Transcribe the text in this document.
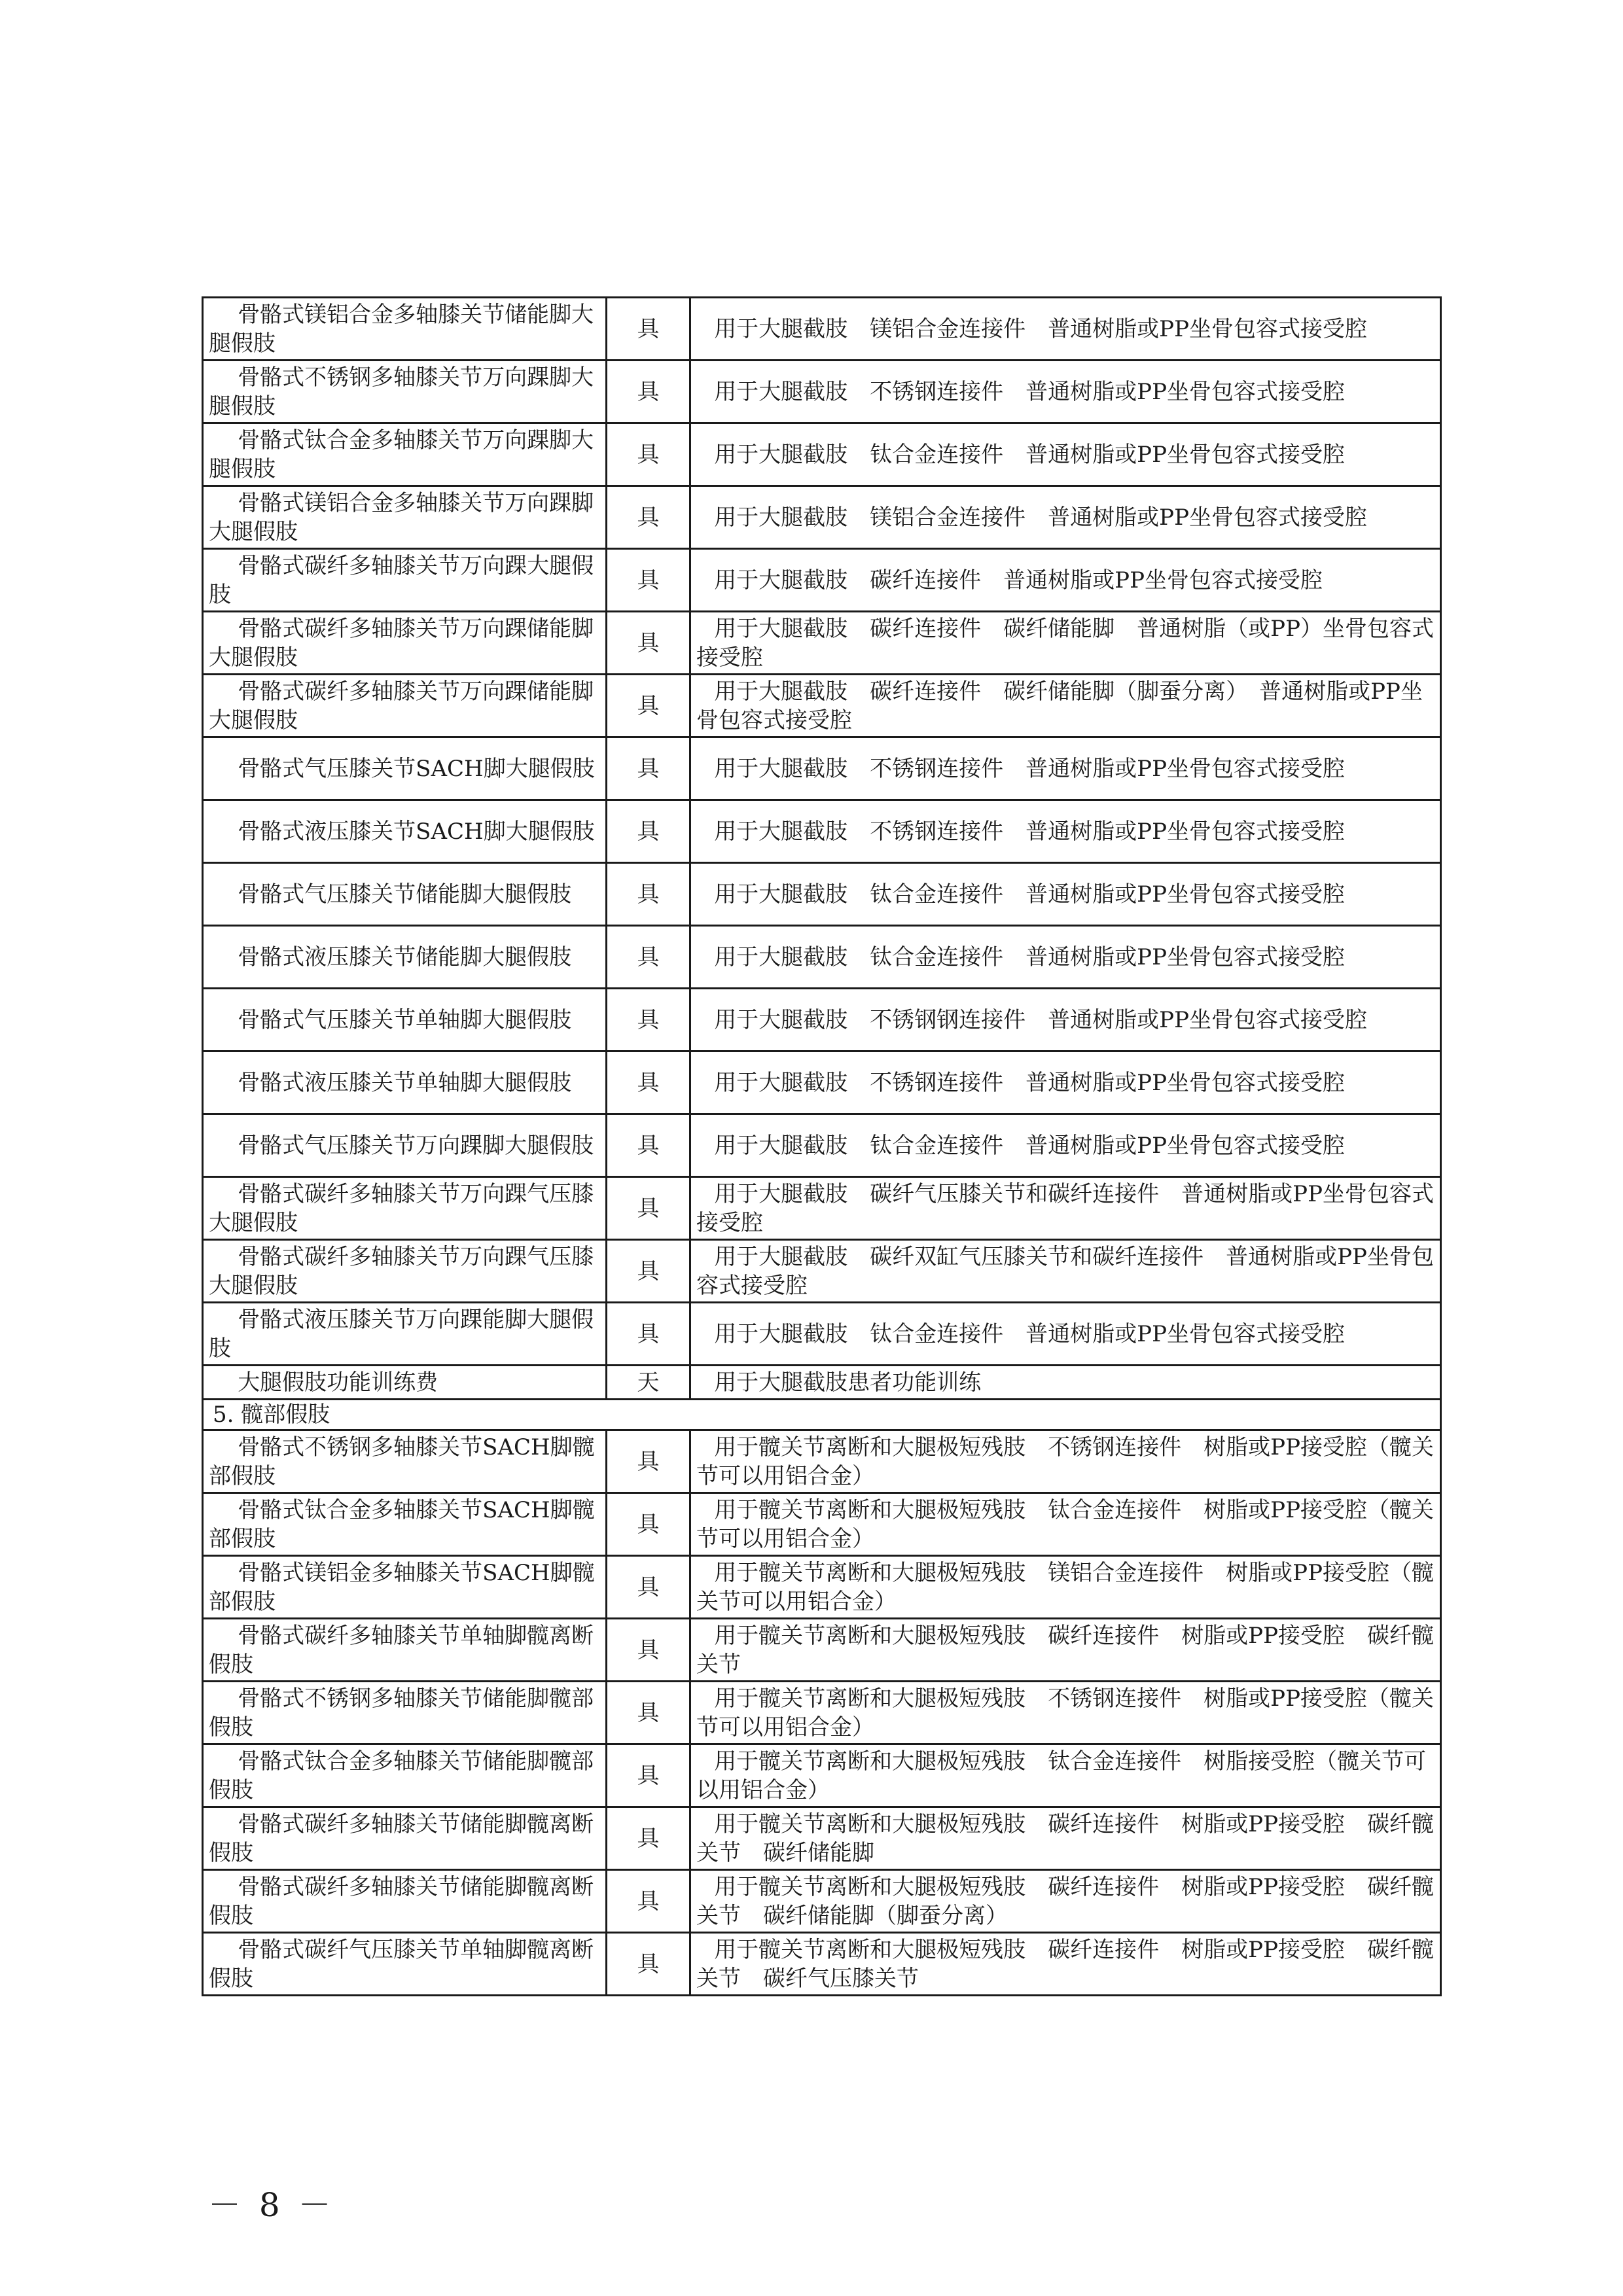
骨骼式镁铝合金多轴膝关节储能脚大腿假肢	具	用于大腿截肢　镁铝合金连接件　普通树脂或PP坐骨包容式接受腔
骨骼式不锈钢多轴膝关节万向踝脚大腿假肢	具	用于大腿截肢　不锈钢连接件　普通树脂或PP坐骨包容式接受腔
骨骼式钛合金多轴膝关节万向踝脚大腿假肢	具	用于大腿截肢　钛合金连接件　普通树脂或PP坐骨包容式接受腔
骨骼式镁铝合金多轴膝关节万向踝脚大腿假肢	具	用于大腿截肢　镁铝合金连接件　普通树脂或PP坐骨包容式接受腔
骨骼式碳纤多轴膝关节万向踝大腿假肢	具	用于大腿截肢　碳纤连接件　普通树脂或PP坐骨包容式接受腔
骨骼式碳纤多轴膝关节万向踝储能脚大腿假肢	具	用于大腿截肢　碳纤连接件　碳纤储能脚　普通树脂（或PP）坐骨包容式接受腔
骨骼式碳纤多轴膝关节万向踝储能脚大腿假肢	具	用于大腿截肢　碳纤连接件　碳纤储能脚（脚蚕分离）　普通树脂或PP坐骨包容式接受腔
骨骼式气压膝关节SACH脚大腿假肢	具	用于大腿截肢　不锈钢连接件　普通树脂或PP坐骨包容式接受腔
骨骼式液压膝关节SACH脚大腿假肢	具	用于大腿截肢　不锈钢连接件　普通树脂或PP坐骨包容式接受腔
骨骼式气压膝关节储能脚大腿假肢	具	用于大腿截肢　钛合金连接件　普通树脂或PP坐骨包容式接受腔
骨骼式液压膝关节储能脚大腿假肢	具	用于大腿截肢　钛合金连接件　普通树脂或PP坐骨包容式接受腔
骨骼式气压膝关节单轴脚大腿假肢	具	用于大腿截肢　不锈钢钢连接件　普通树脂或PP坐骨包容式接受腔
骨骼式液压膝关节单轴脚大腿假肢	具	用于大腿截肢　不锈钢连接件　普通树脂或PP坐骨包容式接受腔
骨骼式气压膝关节万向踝脚大腿假肢	具	用于大腿截肢　钛合金连接件　普通树脂或PP坐骨包容式接受腔
骨骼式碳纤多轴膝关节万向踝气压膝大腿假肢	具	用于大腿截肢　碳纤气压膝关节和碳纤连接件　普通树脂或PP坐骨包容式接受腔
骨骼式碳纤多轴膝关节万向踝气压膝大腿假肢	具	用于大腿截肢　碳纤双缸气压膝关节和碳纤连接件　普通树脂或PP坐骨包容式接受腔
骨骼式液压膝关节万向踝能脚大腿假肢	具	用于大腿截肢　钛合金连接件　普通树脂或PP坐骨包容式接受腔
大腿假肢功能训练费	天	用于大腿截肢患者功能训练
5. 髋部假肢		
骨骼式不锈钢多轴膝关节SACH脚髋部假肢	具	用于髋关节离断和大腿极短残肢　不锈钢连接件　树脂或PP接受腔（髋关节可以用铝合金）
骨骼式钛合金多轴膝关节SACH脚髋部假肢	具	用于髋关节离断和大腿极短残肢　钛合金连接件　树脂或PP接受腔（髋关节可以用铝合金）
骨骼式镁铝金多轴膝关节SACH脚髋部假肢	具	用于髋关节离断和大腿极短残肢　镁铝合金连接件　树脂或PP接受腔（髋关节可以用铝合金）
骨骼式碳纤多轴膝关节单轴脚髋离断假肢	具	用于髋关节离断和大腿极短残肢　碳纤连接件　树脂或PP接受腔　碳纤髋关节
骨骼式不锈钢多轴膝关节储能脚髋部假肢	具	用于髋关节离断和大腿极短残肢　不锈钢连接件　树脂或PP接受腔（髋关节可以用铝合金）
骨骼式钛合金多轴膝关节储能脚髋部假肢	具	用于髋关节离断和大腿极短残肢　钛合金连接件　树脂接受腔（髋关节可以用铝合金）
骨骼式碳纤多轴膝关节储能脚髋离断假肢	具	用于髋关节离断和大腿极短残肢　碳纤连接件　树脂或PP接受腔　碳纤髋关节　碳纤储能脚
骨骼式碳纤多轴膝关节储能脚髋离断假肢	具	用于髋关节离断和大腿极短残肢　碳纤连接件　树脂或PP接受腔　碳纤髋关节　碳纤储能脚（脚蚕分离）
骨骼式碳纤气压膝关节单轴脚髋离断假肢	具	用于髋关节离断和大腿极短残肢　碳纤连接件　树脂或PP接受腔　碳纤髋关节　碳纤气压膝关节
－ 8 －
